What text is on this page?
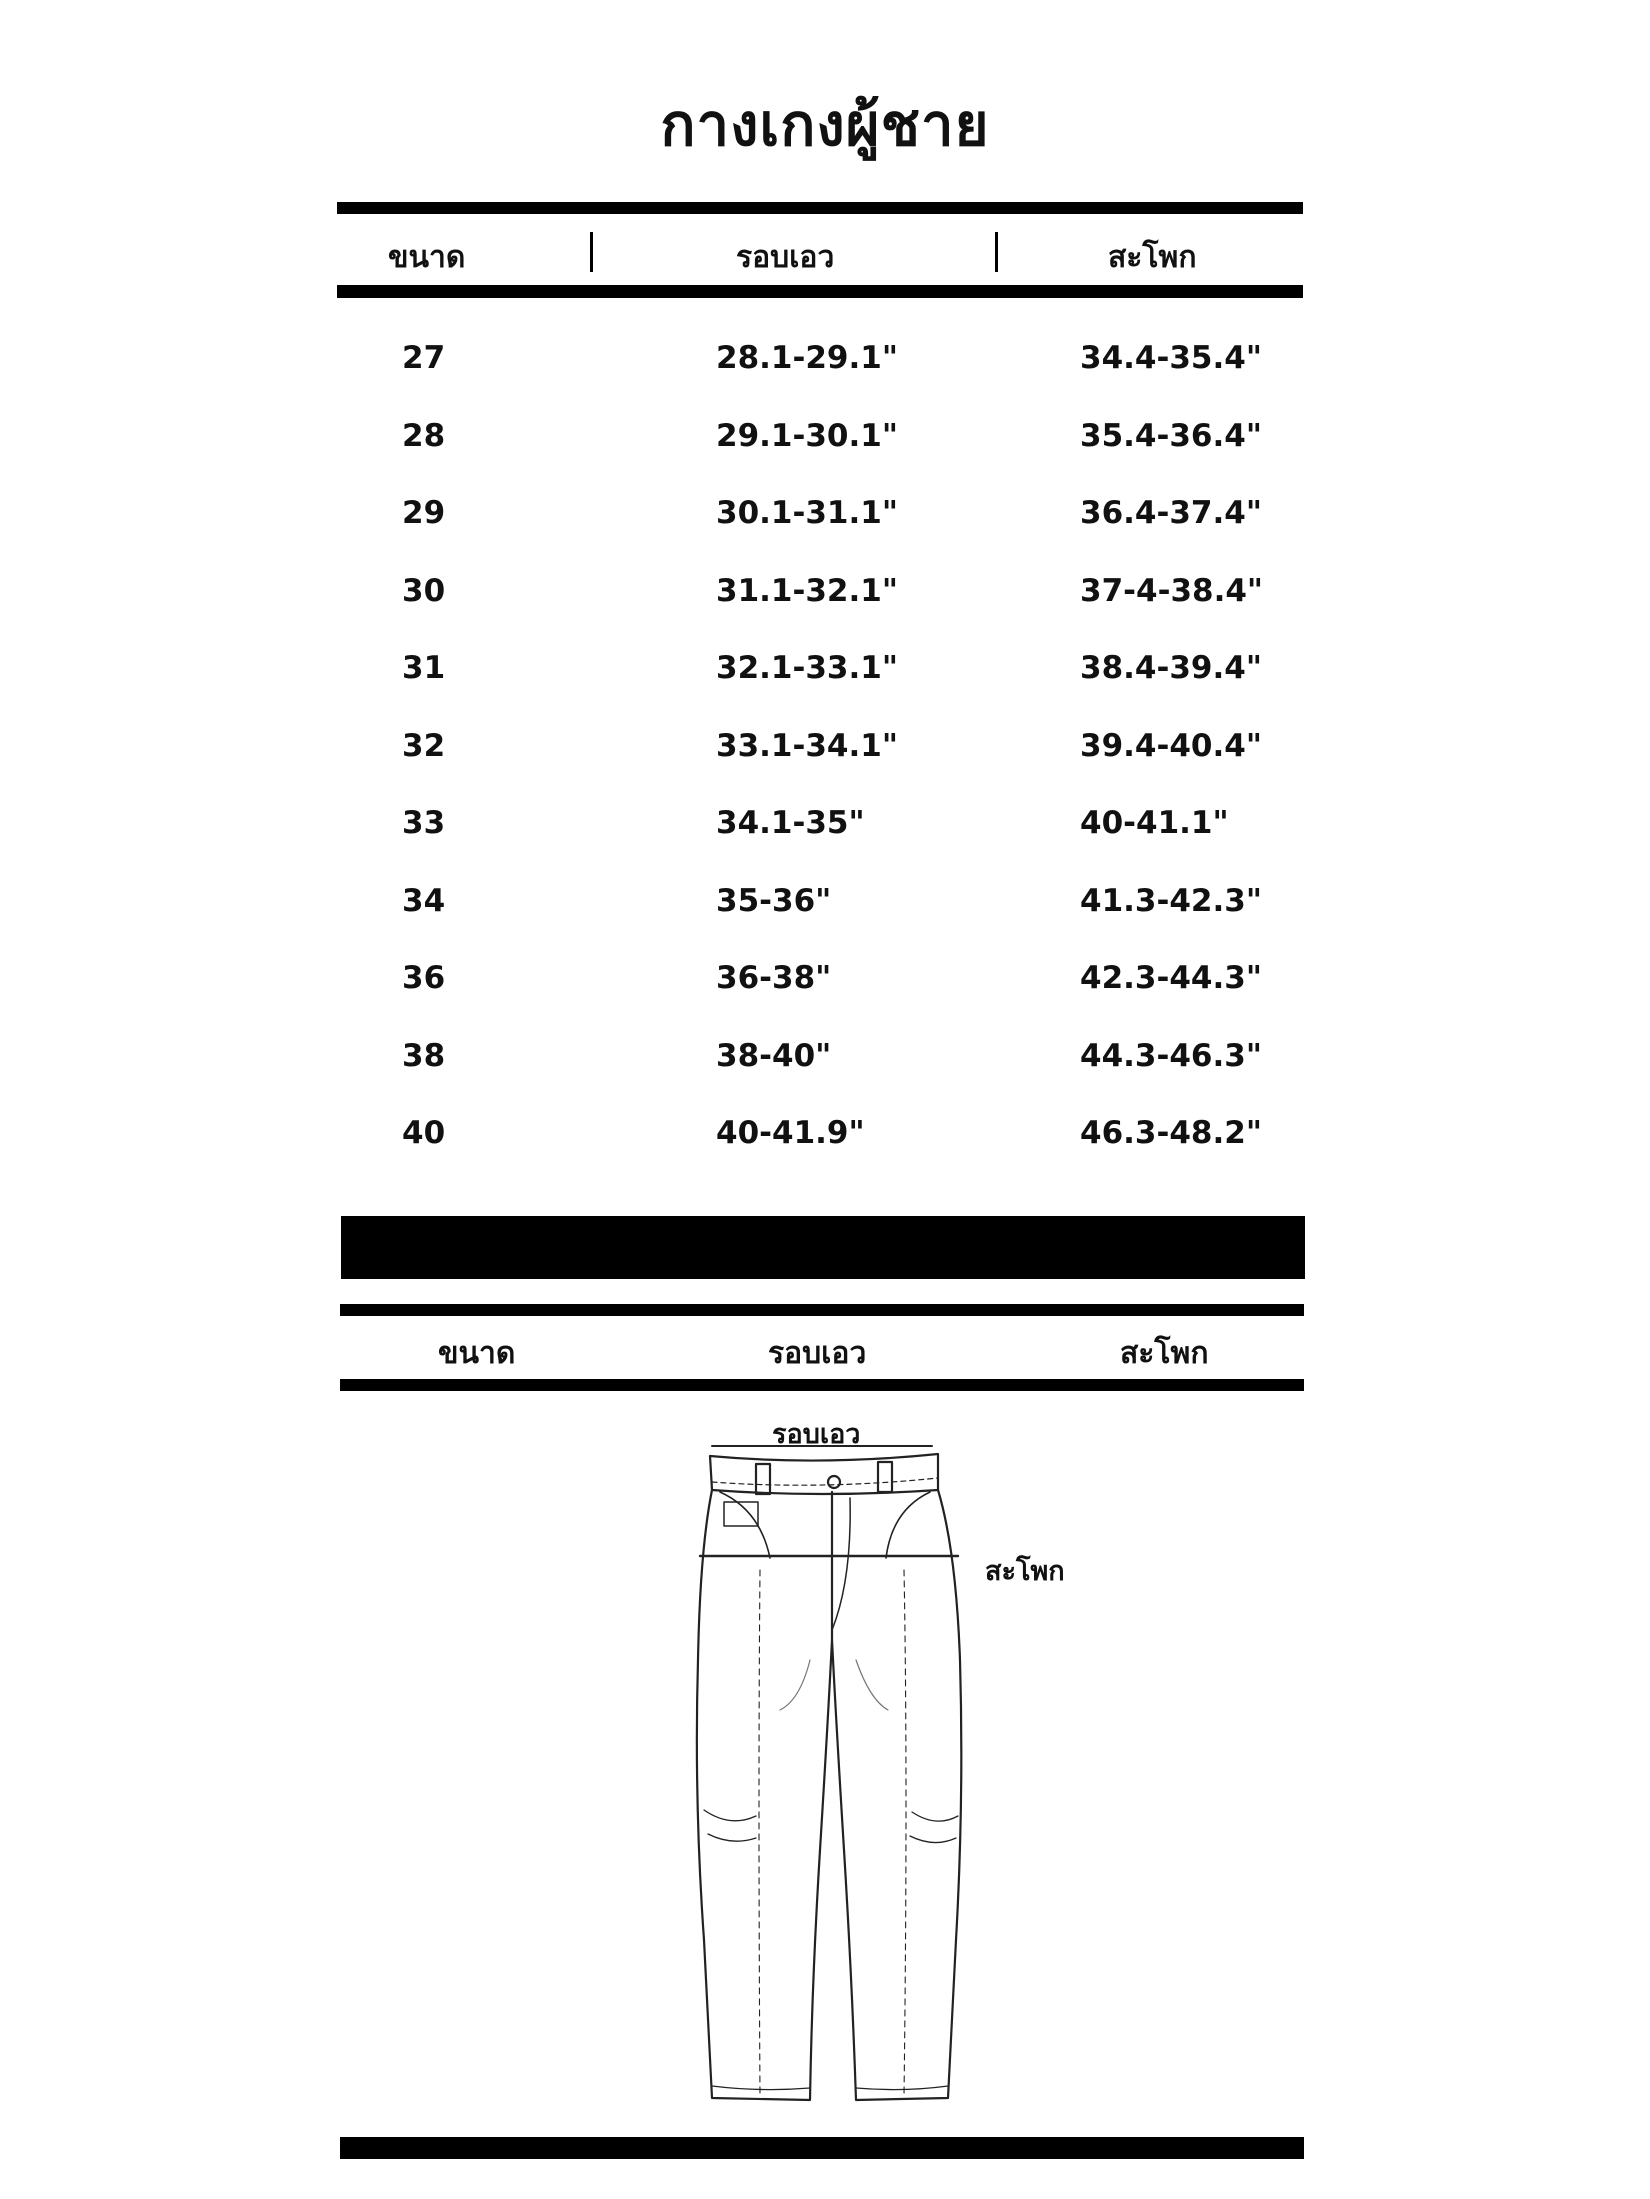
กางเกงผู้ชาย
ขนาด	รอบเอว	สะโพก
27	28.1-29.1"	34.4-35.4"
28	29.1-30.1"	35.4-36.4"
29	30.1-31.1"	36.4-37.4"
30	31.1-32.1"	37-4-38.4"
31	32.1-33.1"	38.4-39.4"
32	33.1-34.1"	39.4-40.4"
33	34.1-35"	40-41.1"
34	35-36"	41.3-42.3"
36	36-38"	42.3-44.3"
38	38-40"	44.3-46.3"
40	40-41.9"	46.3-48.2"
ขนาด	รอบเอว	สะโพก
รอบเอว
สะโพก
